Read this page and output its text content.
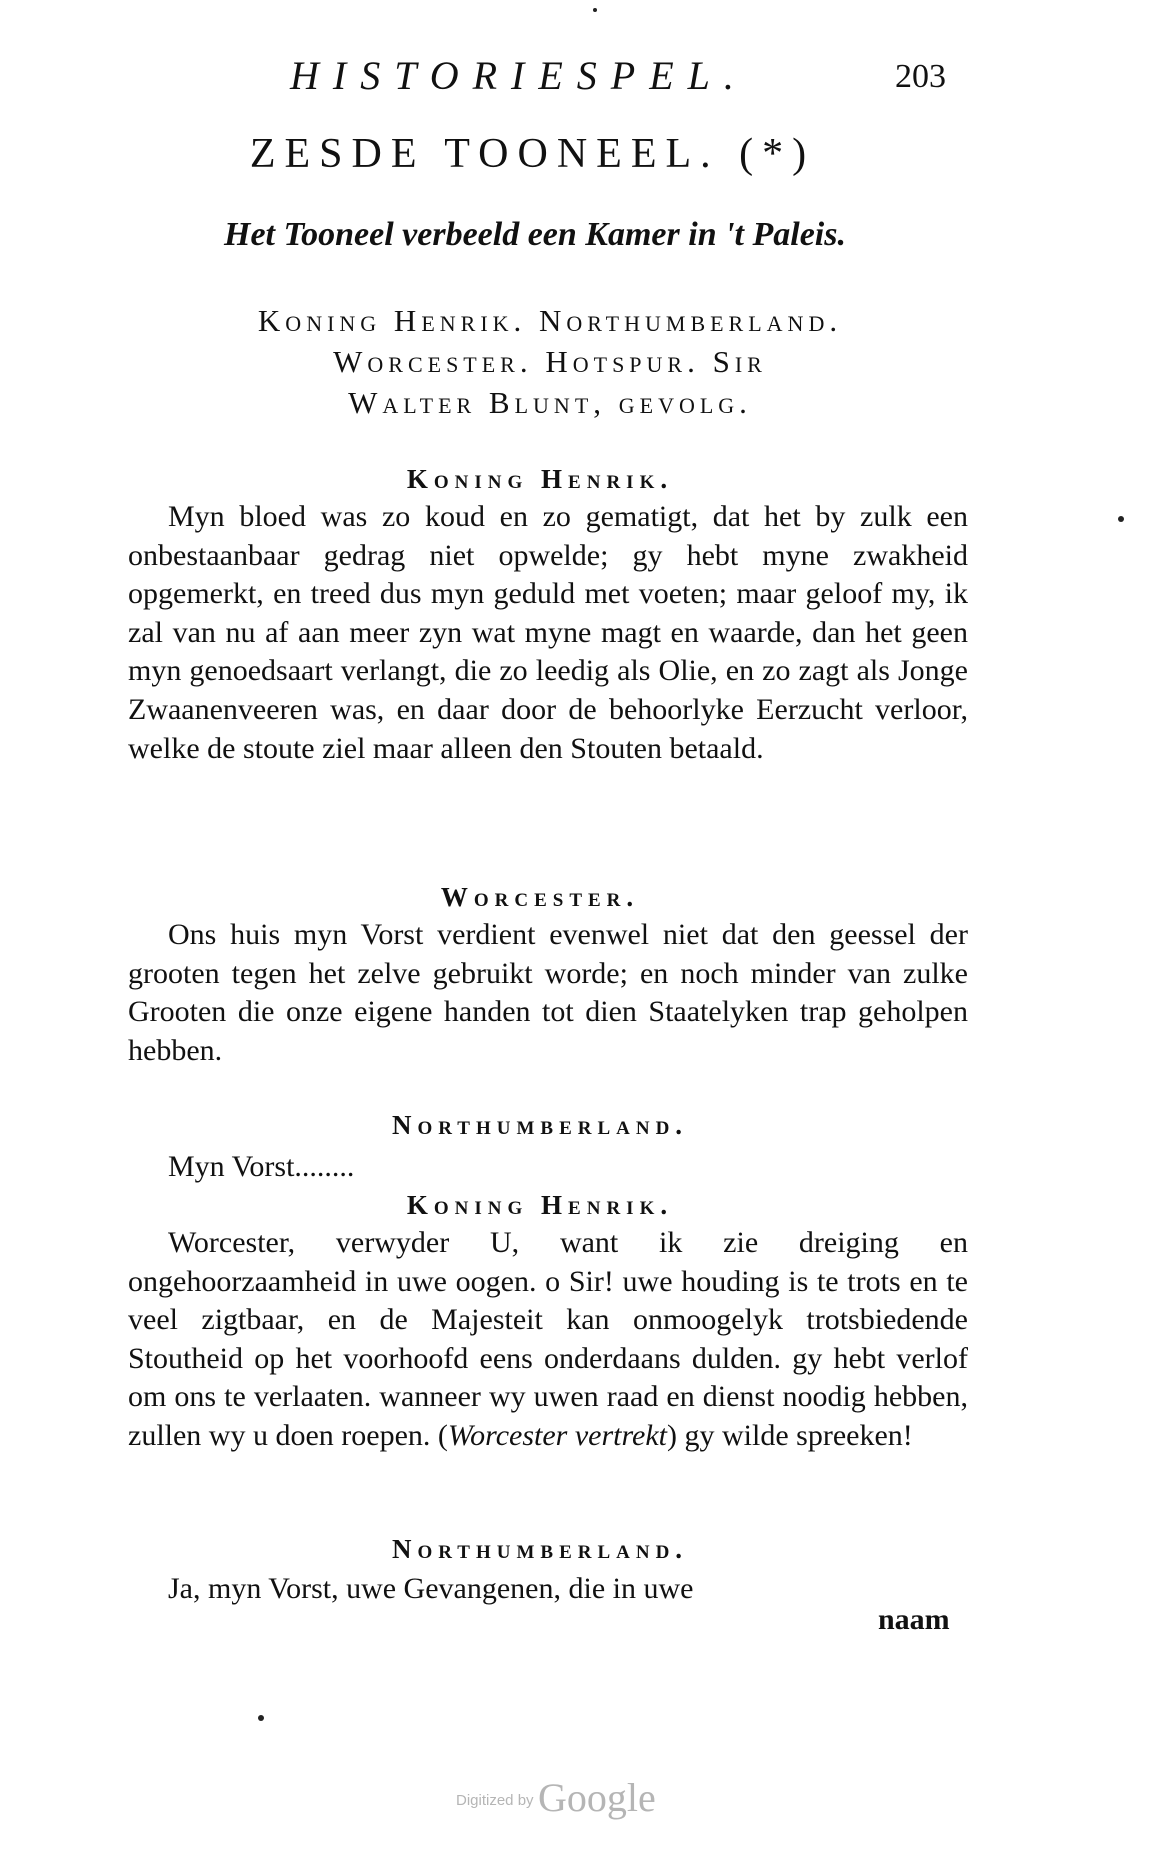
HISTORIESPEL.	203
ZESDE TOONEEL. (*)
Het Tooneel verbeeld een Kamer in 't Paleis.
Koning Henrik. Northumberland.
Worcester. Hotspur. Sir
Walter Blunt, gevolg.
Koning Henrik.
Myn bloed was zo koud en zo gematigt, dat het by zulk een onbestaanbaar gedrag niet opwelde; gy hebt myne zwakheid opgemerkt, en treed dus myn geduld met voeten; maar geloof my, ik zal van nu af aan meer zyn wat myne magt en waarde, dan het geen myn genoedsaart verlangt, die zo leedig als Olie, en zo zagt als Jonge Zwaanenveeren was, en daar door de behoorlyke Eerzucht verloor, welke de stoute ziel maar alleen den Stouten betaald.
Worcester.
Ons huis myn Vorst verdient evenwel niet dat den geessel der grooten tegen het zelve gebruikt worde; en noch minder van zulke Grooten die onze eigene handen tot dien Staatelyken trap geholpen hebben.
Northumberland.
Myn Vorst........
Koning Henrik.
Worcester, verwyder U, want ik zie dreiging en ongehoorzaamheid in uwe oogen. o Sir! uwe houding is te trots en te veel zigtbaar, en de Majesteit kan onmoogelyk trotsbiedende Stoutheid op het voorhoofd eens onderdaans dulden. gy hebt verlof om ons te verlaaten. wanneer wy uwen raad en dienst noodig hebben, zullen wy u doen roepen. (Worcester vertrekt) gy wilde spreeken!
Northumberland.
Ja, myn Vorst, uwe Gevangenen, die in uwe
naam
Digitized by Google
